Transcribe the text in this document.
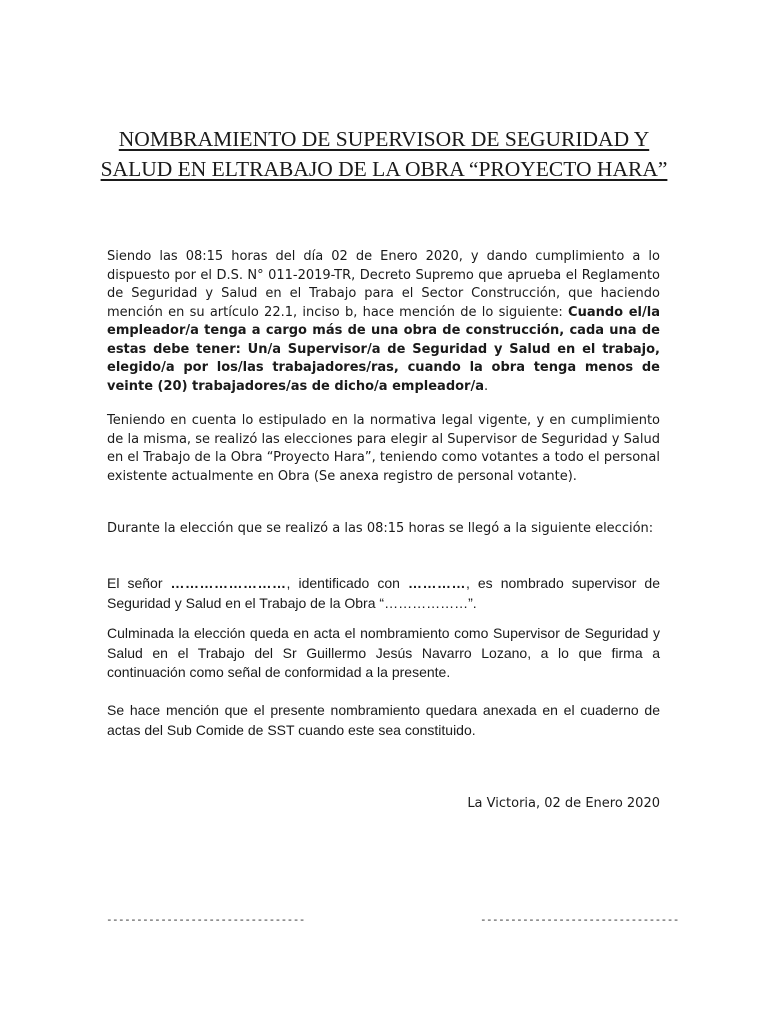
NOMBRAMIENTO DE SUPERVISOR DE SEGURIDAD Y SALUD EN ELTRABAJO DE LA OBRA “PROYECTO HARA”

Siendo las 08:15 horas del día 02 de Enero 2020, y dando cumplimiento a lo dispuesto por el D.S. N° 011-2019-TR, Decreto Supremo que aprueba el Reglamento de Seguridad y Salud en el Trabajo para el Sector Construcción, que haciendo mención en su artículo 22.1, inciso b, hace mención de lo siguiente: Cuando el/la empleador/a tenga a cargo más de una obra de construcción, cada una de estas debe tener: Un/a Supervisor/a de Seguridad y Salud en el trabajo, elegido/a por los/las trabajadores/ras, cuando la obra tenga menos de veinte (20) trabajadores/as de dicho/a empleador/a.

Teniendo en cuenta lo estipulado en la normativa legal vigente, y en cumplimiento de la misma, se realizó las elecciones para elegir al Supervisor de Seguridad y Salud en el Trabajo de la Obra “Proyecto Hara”, teniendo como votantes a todo el personal existente actualmente en Obra (Se anexa registro de personal votante).

Durante la elección que se realizó a las 08:15 horas se llegó a la siguiente elección:

El señor ……………………, identificado con …………, es nombrado supervisor de Seguridad y Salud en el Trabajo de la Obra “………………”.

Culminada la elección queda en acta el nombramiento como Supervisor de Seguridad y Salud en el Trabajo del Sr Guillermo Jesús Navarro Lozano, a lo que firma a continuación como señal de conformidad a la presente.

Se hace mención que el presente nombramiento quedara anexada en el cuaderno de actas del Sub Comide de SST cuando este sea constituido.

La Victoria, 02 de Enero 2020
---------------------------------	---------------------------------
